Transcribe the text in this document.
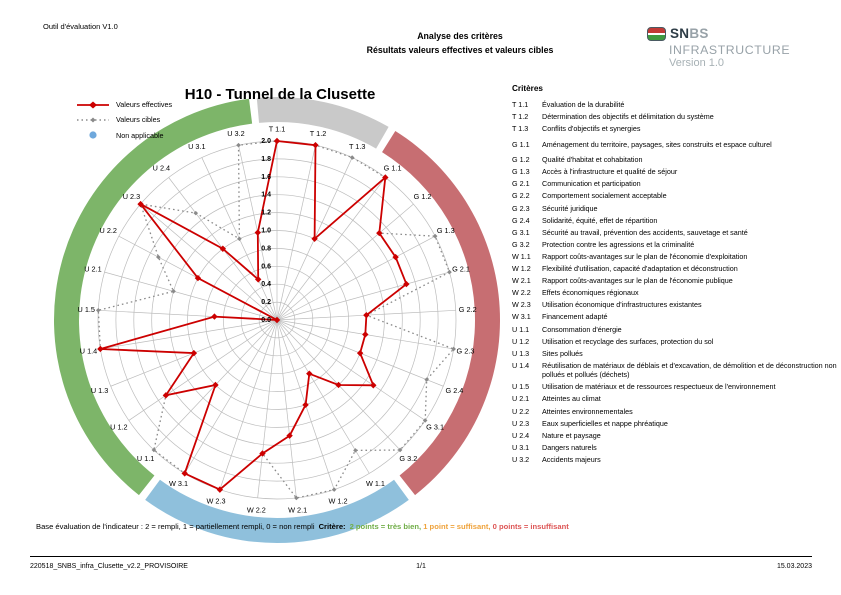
Outil d'évaluation V1.0
Analyse des critères
Résultats valeurs effectives et valeurs cibles
SNBS
INFRASTRUCTURE
Version 1.0
T 1.1	T 1.2
T 1.3
G 1.1
G 1.2
G 1.3
G 2.1
G 2.2
G 2.3
G 2.4
G 3.1
G 3.2
W 1.1
W 1.2
W 2.1
W 2.2
W 2.3
W 3.1
U 1.1
U 1.2
U 1.3
U 1.4
U 1.5
U 2.1
U 2.2
U 2.3
U 2.4
U 3.1
U 3.2
0.0
0.2
0.4
0.6
0.8
1.0
1.2
1.4
1.6
1.8
2.0
H10 - Tunnel de la Clusette
Valeurs effectives
Valeurs cibles
Non applicable
Critères
T 1.1	Évaluation de la durabilité
T 1.2	Détermination des objectifs et délimitation du système
T 1.3	Conflits d'objectifs et synergies
G 1.1	Aménagement du territoire, paysages, sites construits et espace culturel
G 1.2	Qualité d'habitat et cohabitation
G 1.3	Accès à l'infrastructure et qualité de séjour
G 2.1	Communication et participation
G 2.2	Comportement socialement acceptable
G 2.3	Sécurité juridique
G 2.4	Solidarité, équité, effet de répartition
G 3.1	Sécurité au travail, prévention des accidents, sauvetage et santé
G 3.2	Protection contre les agressions et la criminalité
W 1.1	Rapport coûts-avantages sur le plan de l'économie d'exploitation
W 1.2	Flexibilité d'utilisation, capacité d'adaptation et déconstruction
W 2.1	Rapport coûts-avantages sur le plan de l'économie publique
W 2.2	Effets économiques régionaux
W 2.3	Utilisation économique d'infrastructures existantes
W 3.1	Financement adapté
U 1.1	Consommation d'énergie
U 1.2	Utilisation et recyclage des surfaces, protection du sol
U 1.3	Sites pollués
U 1.4	Réutilisation de matériaux de déblais et d'excavation, de démolition et de déconstruction non pollués et pollués (déchets)
U 1.5	Utilisation de matériaux et de ressources respectueux de l'environnement
U 2.1	Atteintes au climat
U 2.2	Atteintes environnementales
U 2.3	Eaux superficielles et nappe phréatique
U 2.4	Nature et paysage
U 3.1	Dangers naturels
U 3.2	Accidents majeurs
Base évaluation de l'indicateur : 2 = rempli, 1 = partiellement rempli, 0 = non rempli Critère: 2 points = très bien, 1 point = suffisant, 0 points = insuffisant
220518_SNBS_infra_Clusette_v2.2_PROVISOIRE	1/1	15.03.2023
